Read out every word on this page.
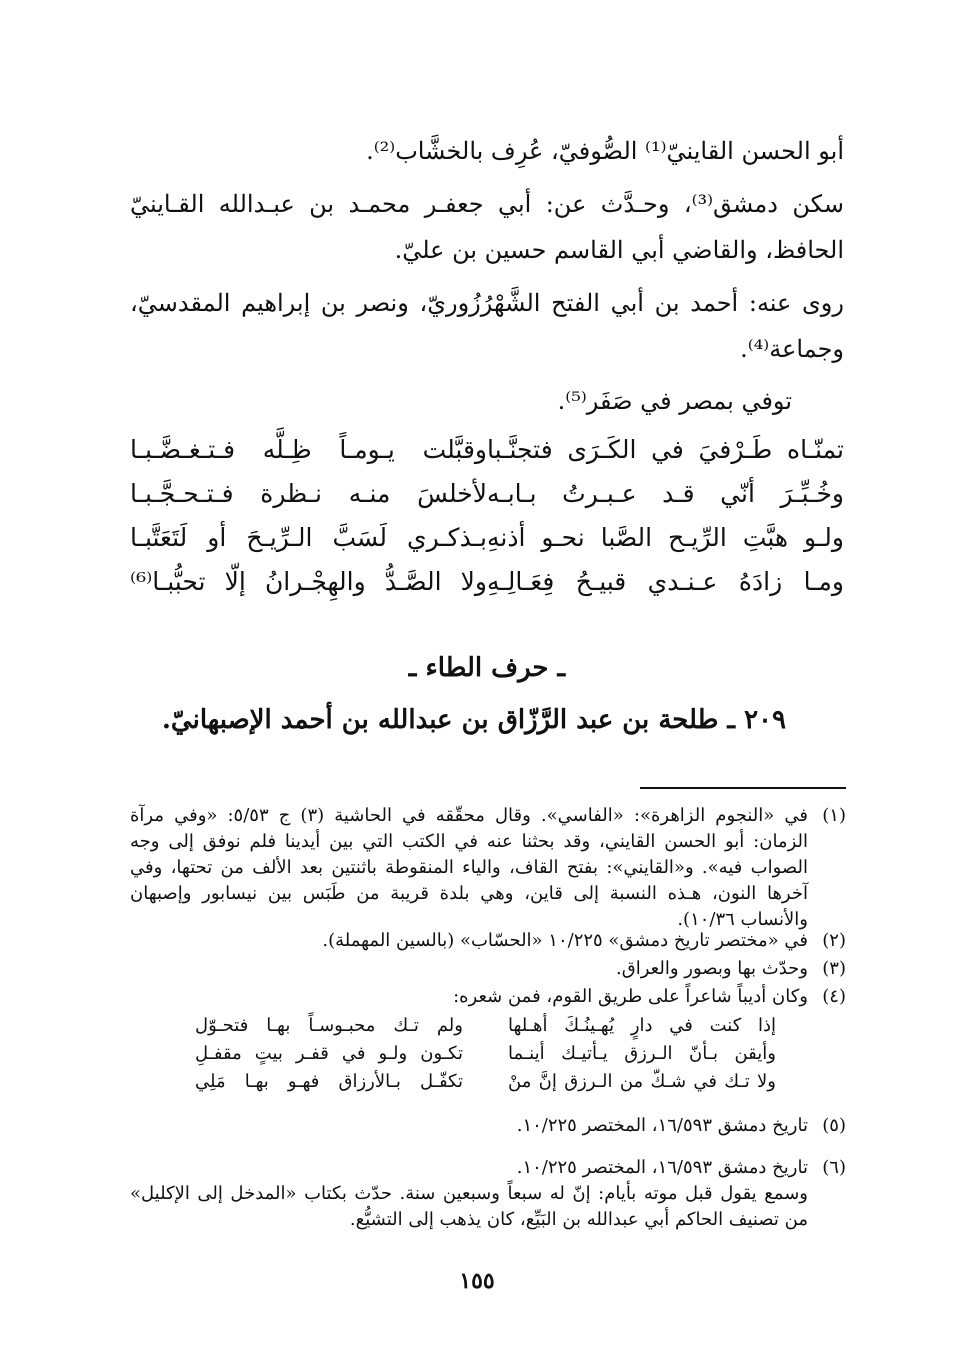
أبو الحسن القاينيّ⁽¹⁾ الصُّوفيّ، عُرِف بالخشَّاب⁽²⁾.
سكن دمشق⁽³⁾، وحـدَّث عن: أبي جعفـر محمـد بن عبـدالله القـاينيّ الحافظ، والقاضي أبي القاسم حسين بن عليّ.
روى عنه: أحمد بن أبي الفتح الشَّهْرُزُوريّ، ونصر بن إبراهيم المقدسيّ، وجماعة⁽⁴⁾.
توفي بمصر في صَفَر⁽⁵⁾.
تمنّـاه طَـرْفيَ في الكَـرَى فتجنَّـبا
وقبَّلت يـومـاً ظِـلَّه فـتـغـضَّـبـا
وخُـبِّـرَ أنّي قـد عـبـرتُ بـابـه
لأخلسَ منـه نـظرة فـتـحـجَّـبـا
ولـو هبَّتِ الرِّيـح الصَّبا نحـو أذنهِ
بـذكـري لَسَبَّ الـرِّيـحَ أو لَتَعَتَّبـا
ومـا زادَهُ عـنـدي قبيـحُ فِعَـالِـهِ
ولا الصَّـدُّ والهِجْـرانُ إلّا تحبُّبـا⁽⁶⁾
ـ حرف الطاء ـ
٢٠٩ ـ طلحة بن عبد الرَّزّاق بن عبدالله بن أحمد الإصبهانيّ.
(١)
في «النجوم الزاهرة»: «الفاسي». وقال محقّقه في الحاشية (٣) ج ٥/٥٣: «وفي مرآة الزمان: أبو الحسن القايني، وقد بحثنا عنه في الكتب التي بين أيدينا فلم نوفق إلى وجه الصواب فيه». و«القايني»: بفتح القاف، والياء المنقوطة باثنتين بعد الألف من تحتها، وفي آخرها النون، هـذه النسبة إلى قاين، وهي بلدة قريبة من طَبَس بين نيسابور وإصبهان والأنساب ١٠/٣٦).
(٢)
في «مختصر تاريخ دمشق» ١٠/٢٢٥ «الحسّاب» (بالسين المهملة).
(٣)
وحدّث بها وبصور والعراق.
(٤)
وكان أديباً شاعراً على طريق القوم، فمن شعره:
إذا كنت في دارٍ يُهـينُـكَ أهـلها
ولم تـك محبـوسـاً بهـا فتحـوّل
وأيقن بـأنّ الـرزق يـأتيـك أينـما
تكـون ولـو في قفـر بيتٍ مقفـلِ
ولا تـك في شـكّ من الـرزق إنَّ منْ
تكفّـل بـالأرزاق فهـو بهـا مَلِي
(٥)
تاريخ دمشق ١٦/٥٩٣، المختصر ١٠/٢٢٥.
(٦)
تاريخ دمشق ١٦/٥٩٣، المختصر ١٠/٢٢٥.
وسمع يقول قبل موته بأيام: إنّ له سبعاً وسبعين سنة. حدّث بكتاب «المدخل إلى الإكليل» من تصنيف الحاكم أبي عبدالله بن البَيِّع، كان يذهب إلى التشيُّع.
١٥٥
